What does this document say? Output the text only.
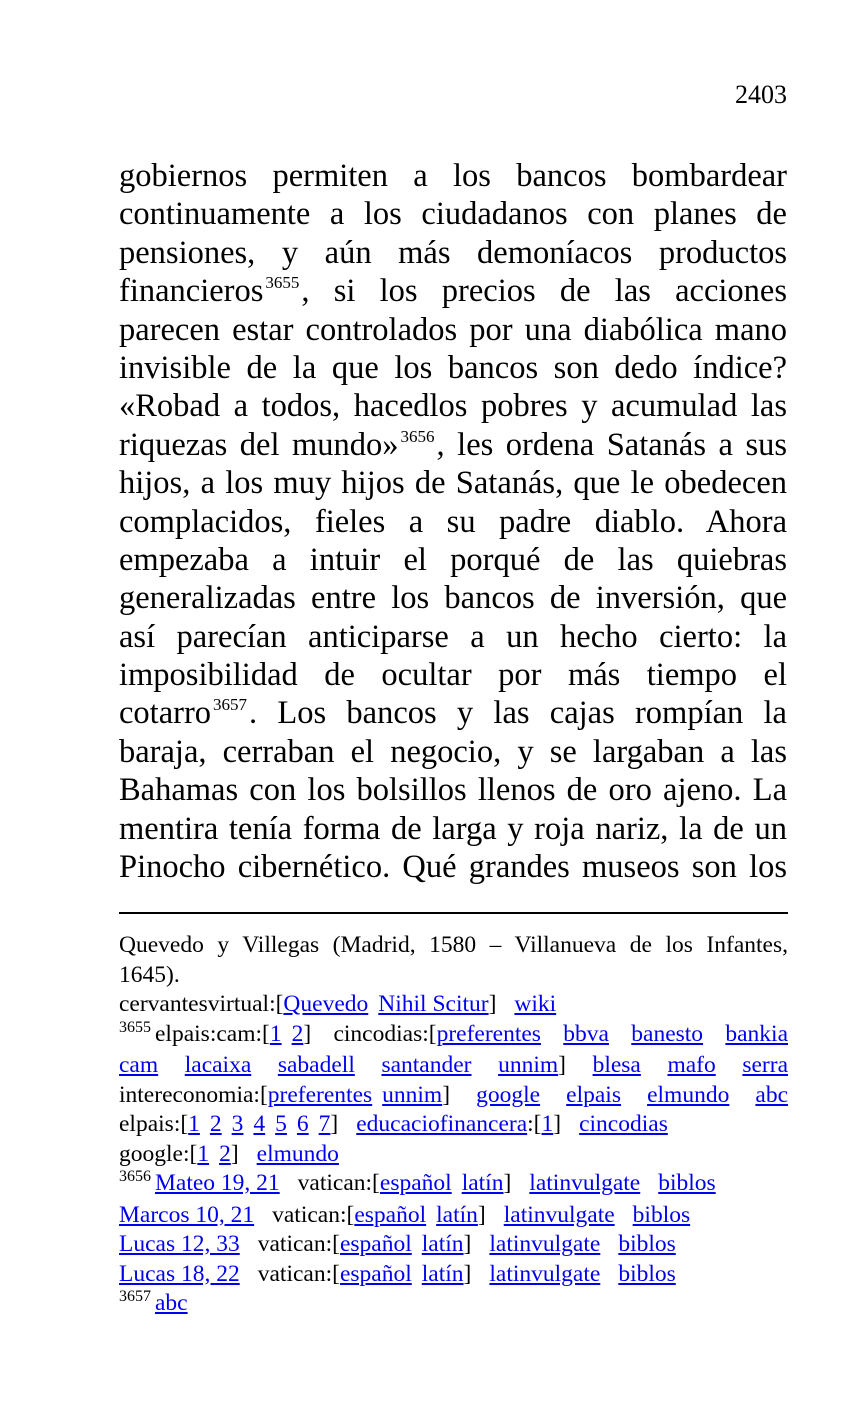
2403
gobiernos permiten a los bancos bombardear
continuamente a los ciudadanos con planes de
pensiones, y aún más demoníacos productos
financieros $^{3655}$, si los precios de las acciones
parecen estar controlados por una diabólica mano
invisible de la que los bancos son dedo índice?
«Robad a todos, hacedlos pobres y acumulad las
riquezas del mundo» $^{3656}$, les ordena Satanás a sus
hijos, a los muy hijos de Satanás, que le obedecen
complacidos, fieles a su padre diablo. Ahora
empezaba a intuir el porqué de las quiebras
generalizadas entre los bancos de inversión, que
así parecían anticiparse a un hecho cierto: la
imposibilidad de ocultar por más tiempo el
cotarro $^{3657}$. Los bancos y las cajas rompían la
baraja, cerraban el negocio, y se largaban a las
Bahamas con los bolsillos llenos de oro ajeno. La
mentira tenía forma de larga y roja nariz, la de un
Pinocho cibernético. Qué grandes museos son los
Quevedo y Villegas (Madrid, 1580 – Villanueva de los Infantes,
1645).
cervantesvirtual:[Quevedo Nihil Scitur] wiki
$^{3655}$ elpais:cam:[1 2] cincodias:[preferentes bbva banesto bankia
cam lacaixa sabadell santander unnim] blesa mafo serra
intereconomia:[preferentes unnim] google elpais elmundo abc
elpais:[1 2 3 4 5 6 7] educaciofinancera:[1] cincodias
google:[1 2] elmundo
$^{3656}$ Mateo 19, 21 vatican:[español latín] latinvulgate biblos
Marcos 10, 21 vatican:[español latín] latinvulgate biblos
Lucas 12, 33 vatican:[español latín] latinvulgate biblos
Lucas 18, 22 vatican:[español latín] latinvulgate biblos
$^{3657}$ abc
